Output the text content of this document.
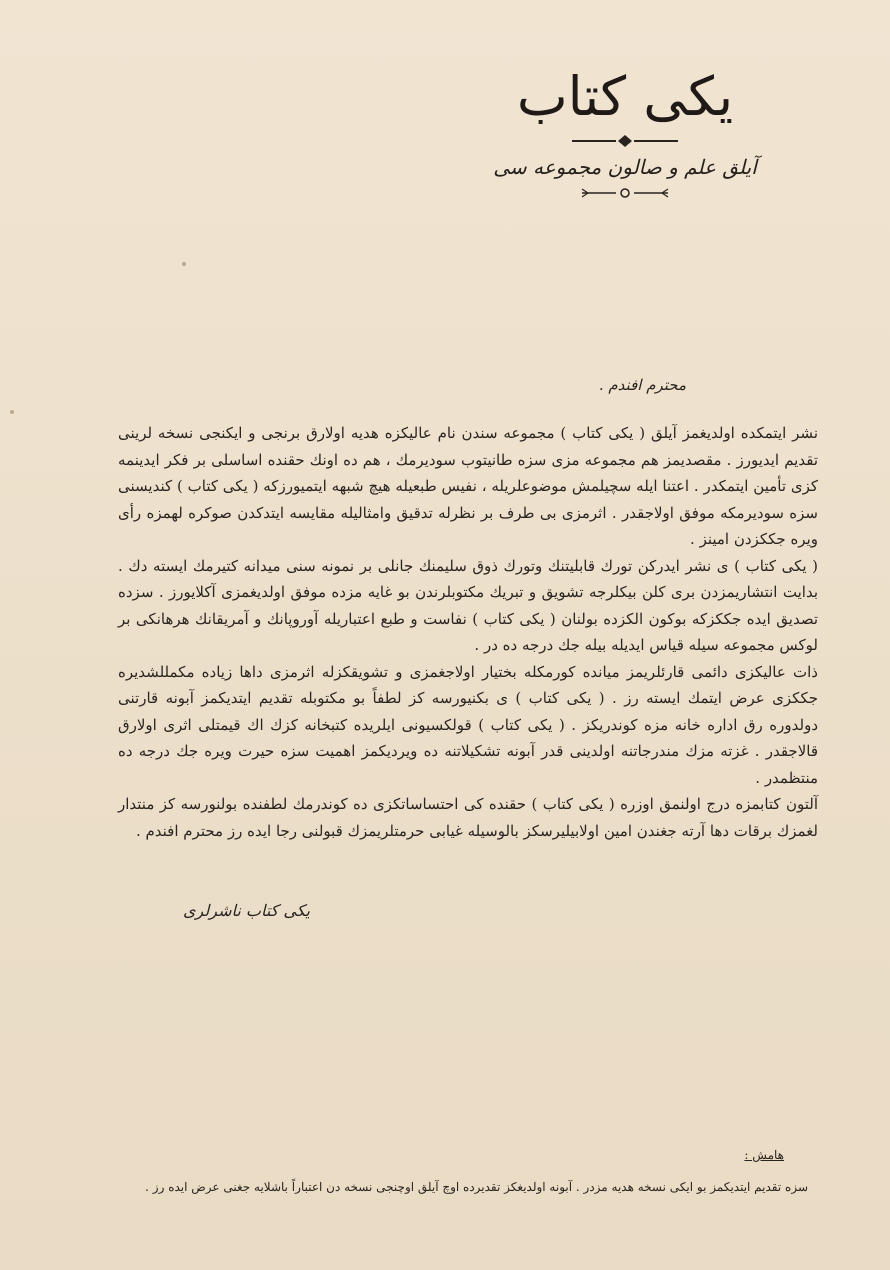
يكى كتاب
آيلق علم و صالون مجموعه سى
محترم افندم .

نشر ايتمكده اولديغمز آيلق ( يكى كتاب ) مجموعه سندن نام عاليكزه هديه اولارق برنجى و ايكنجى نسخه لرينى تقديم ايديورز . مقصديمز هم مجموعه مزى سزه طانيتوب سوديرمك ، هم ده اونك حقنده اساسلى بر فكر ايدينمه كزى تأمين ايتمكدر . اعتنا ايله سچيلمش موضوعلريله ، نفيس طبعيله هيچ شبهه ايتميورزكه ( يكى كتاب ) كنديسنى سزه سوديرمكه موفق اولاجقدر . اثرمزى بى طرف بر نظرله تدقيق وامثاليله مقايسه ايتدكدن صوكره لهمزه رأى ويره جككزدن امينز .

( يكى كتاب ) ى نشر ايدركن تورك قابليتنك وتورك ذوق سليمنك جانلى بر نمونه سنى ميدانه كتيرمك ايسته دك . بدايت انتشاريمزدن برى كلن بيكلرجه تشويق و تبريك مكتوبلرندن بو غايه مزده موفق اولديغمزى آكلايورز . سزده تصديق ايده جككزكه بوكون الكزده بولنان ( يكى كتاب ) نفاست و طبع اعتباريله آوروپانك و آمريقانك هرهانكى بر لوكس مجموعه سيله قياس ايديله بيله جك درجه ده در .

ذات عاليكزى دائمى قارئلريمز ميانده كورمكله بختيار اولاجغمزى و تشويقكزله اثرمزى داها زياده مكمللشديره جككزى عرض ايتمك ايسته رز . ( يكى كتاب ) ى بكنيورسه كز لطفاً بو مكتوبله تقديم ايتديكمز آبونه قارتنى دولدوره رق اداره خانه مزه كوندريكز . ( يكى كتاب ) قولكسيونى ايلريده كتبخانه كزك اك قيمتلى اثرى اولارق قالاجقدر . غزته مزك مندرجاتنه اولدينى قدر آبونه تشكيلاتنه ده ويرديكمز اهميت سزه حيرت ويره جك درجه ده منتظمدر .

آلتون كتابمزه درج اولنمق اوزره ( يكى كتاب ) حقنده كى احتساساتكزى ده كوندرمك لطفنده بولنورسه كز منتدار لغمزك برقات دها آرته جغندن امين اولابيليرسكز بالوسيله غيابى حرمتلريمزك قبولنى رجا ايده رز محترم افندم .

يكى كتاب ناشرلرى
هامش :
سزه تقديم ايتديكمز بو ايكى نسخه هديه مزدر . آبونه اولديغكز تقديرده اوچ آيلق اوچنجى نسخه دن اعتباراً باشلايه جغنى عرض ايده رز .
